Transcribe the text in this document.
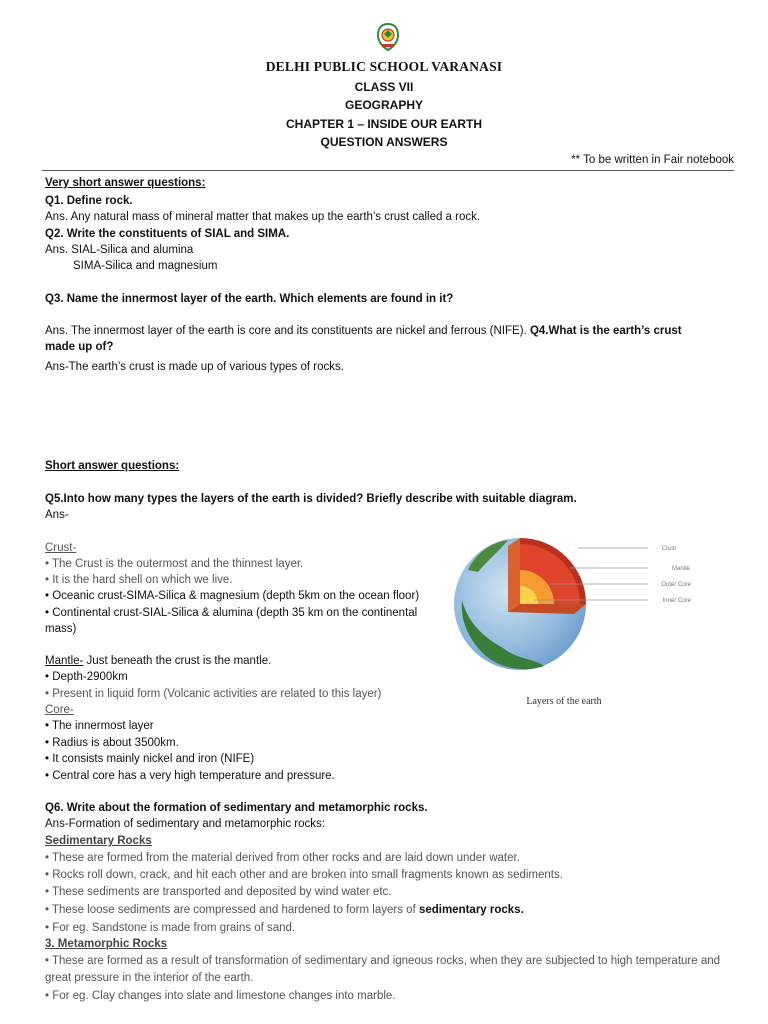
DELHI PUBLIC SCHOOL VARANASI
CLASS VII
GEOGRAPHY
CHAPTER 1 – INSIDE OUR EARTH
QUESTION ANSWERS
** To be written in Fair notebook
Very short answer questions:
Q1. Define rock.
Ans. Any natural mass of mineral matter that makes up the earth’s crust called a rock.
Q2. Write the constituents of SIAL and SIMA.
Ans. SIAL-Silica and alumina
SIMA-Silica and magnesium
Q3. Name the innermost layer of the earth. Which elements are found in it?
Ans. The innermost layer of the earth is core and its constituents are nickel and ferrous (NIFE). Q4.What is the earth’s crust
made up of?
Ans-The earth’s crust is made up of various types of rocks.
Short answer questions:
Q5.Into how many types the layers of the earth is divided? Briefly describe with suitable diagram.
Ans-
Crust-
• The Crust is the outermost and the thinnest layer.
• It is the hard shell on which we live.
• Oceanic crust-SIMA-Silica & magnesium (depth 5km on the ocean floor)
• Continental crust-SIAL-Silica & alumina (depth 35 km on the continental mass)
Mantle- Just beneath the crust is the mantle.
• Depth-2900km
• Present in liquid form (Volcanic activities are related to this layer)
Core-
• The innermost layer
• Radius is about 3500km.
• It consists mainly nickel and iron (NIFE)
• Central core has a very high temperature and pressure.
Crust
Mantle
Outer Core
Inner Core
Layers of the earth
Q6. Write about the formation of sedimentary and metamorphic rocks.
Ans-Formation of sedimentary and metamorphic rocks:
Sedimentary Rocks
• These are formed from the material derived from other rocks and are laid down under water.
• Rocks roll down, crack, and hit each other and are broken into small fragments known as sediments.
• These sediments are transported and deposited by wind water etc.
• These loose sediments are compressed and hardened to form layers of sedimentary rocks.
• For eg. Sandstone is made from grains of sand.
3. Metamorphic Rocks
• These are formed as a result of transformation of sedimentary and igneous rocks, when they are subjected to high temperature and great pressure in the interior of the earth.
• For eg. Clay changes into slate and limestone changes into marble.
